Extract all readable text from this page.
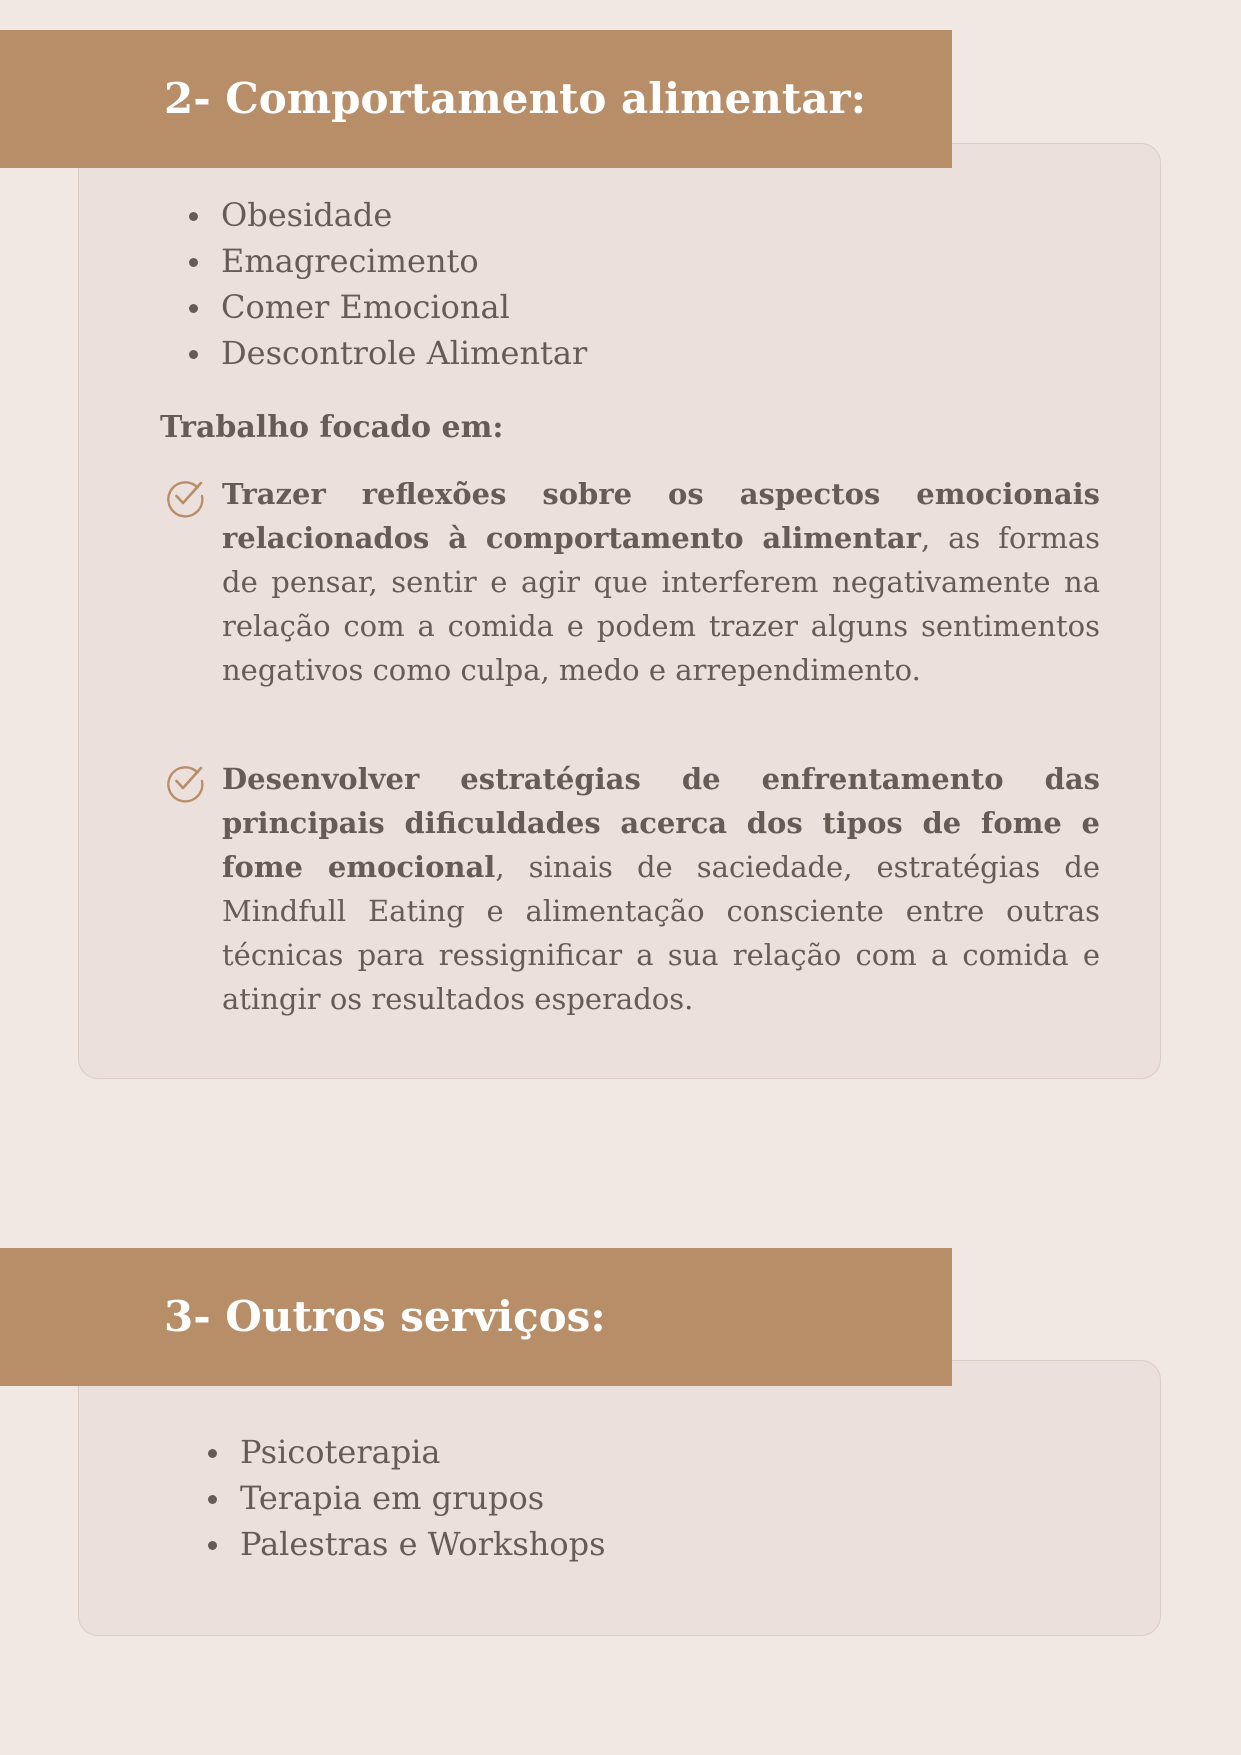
2- Comportamento alimentar:
Obesidade
Emagrecimento
Comer Emocional
Descontrole Alimentar
Trabalho focado em:

Trazer reflexões sobre os aspectos emocionais relacionados à comportamento alimentar, as formas de pensar, sentir e agir que interferem negativamente na relação com a comida e podem trazer alguns sentimentos negativos como culpa, medo e arrependimento.

Desenvolver estratégias de enfrentamento das principais dificuldades acerca dos tipos de fome e fome emocional, sinais de saciedade, estratégias de Mindfull Eating e alimentação consciente entre outras técnicas para ressignificar a sua relação com a comida e atingir os resultados esperados.

3- Outros serviços:
Psicoterapia
Terapia em grupos
Palestras e Workshops
